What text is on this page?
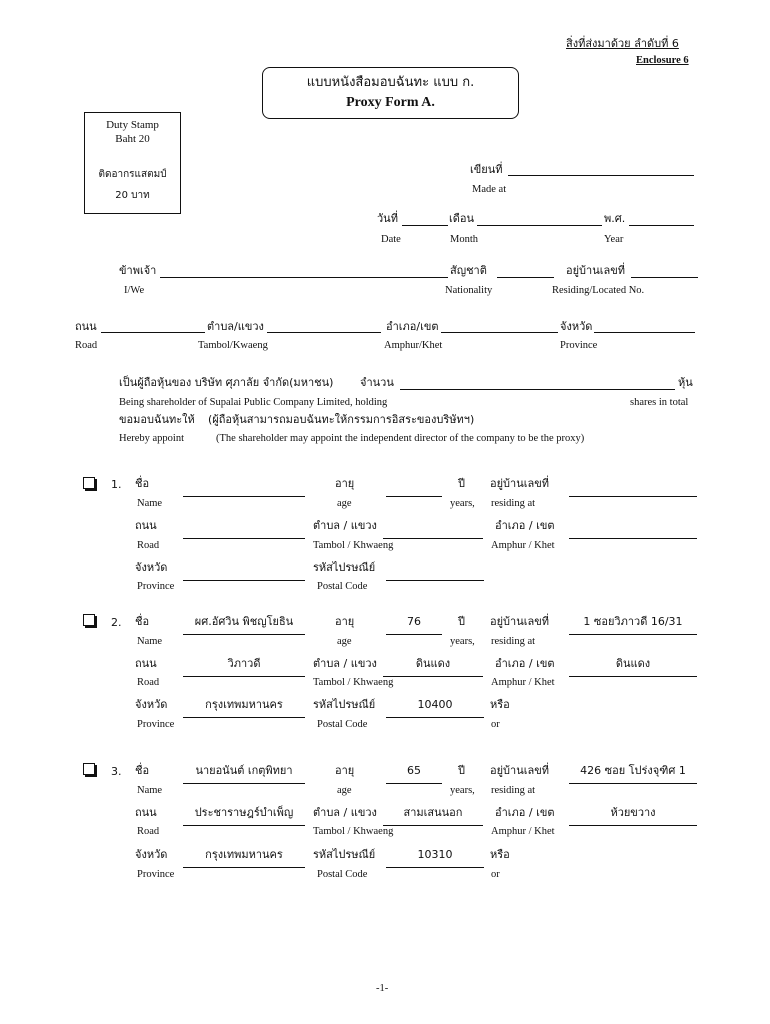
สิ่งที่ส่งมาด้วย ลำดับที่ 6
Enclosure 6
แบบหนังสือมอบฉันทะ แบบ ก.
Proxy Form A.
Duty Stamp
Baht 20
ติดอากรแสตมป์
20 บาท
เขียนที่
Made at
วันที่	เดือน	พ.ศ.
Date	Month	Year
ข้าพเจ้า	สัญชาติ	อยู่บ้านเลขที่
I/We	Nationality	Residing/Located No.
ถนน	ตำบล/แขวง	อำเภอ/เขต	จังหวัด
Road	Tambol/Kwaeng	Amphur/Khet	Province
เป็นผู้ถือหุ้นของ บริษัท ศุภาลัย จำกัด(มหาชน) จำนวน	หุ้น
Being shareholder of Supalai Public Company Limited, holding	shares in total
ขอมอบฉันทะให้ (ผู้ถือหุ้นสามารถมอบฉันทะให้กรรมการอิสระของบริษัทฯ)
Hereby appoint	(The shareholder may appoint the independent director of the company to be the proxy)
1. ชื่อ	อายุ	ปี อยู่บ้านเลขที่
Name	age	years, residing at
ถนน	ตำบล / แขวง	อำเภอ / เขต
Road	Tambol / Khwaeng	Amphur / Khet
จังหวัด	รหัสไปรษณีย์
Province	Postal Code
2. ชื่อ	ผศ.อัศวิน พิชญโยธิน	อายุ	76	ปี อยู่บ้านเลขที่	1 ซอยวิภาวดี 16/31
Name	age	years, residing at
ถนน	วิภาวดี	ตำบล / แขวง	ดินแดง	อำเภอ / เขต	ดินแดง
Road	Tambol / Khwaeng	Amphur / Khet
จังหวัด	กรุงเทพมหานคร	รหัสไปรษณีย์	10400	หรือ
Province	Postal Code	or
3. ชื่อ	นายอนันต์ เกตุพิทยา	อายุ	65	ปี อยู่บ้านเลขที่	426 ซอย โปร่งจุฑิศ 1
Name	age	years, residing at
ถนน	ประชาราษฎร์บำเพ็ญ	ตำบล / แขวง	สามเสนนอก	อำเภอ / เขต	ห้วยขวาง
Road	Tambol / Khwaeng	Amphur / Khet
จังหวัด	กรุงเทพมหานคร	รหัสไปรษณีย์	10310	หรือ
Province	Postal Code	or
-1-
